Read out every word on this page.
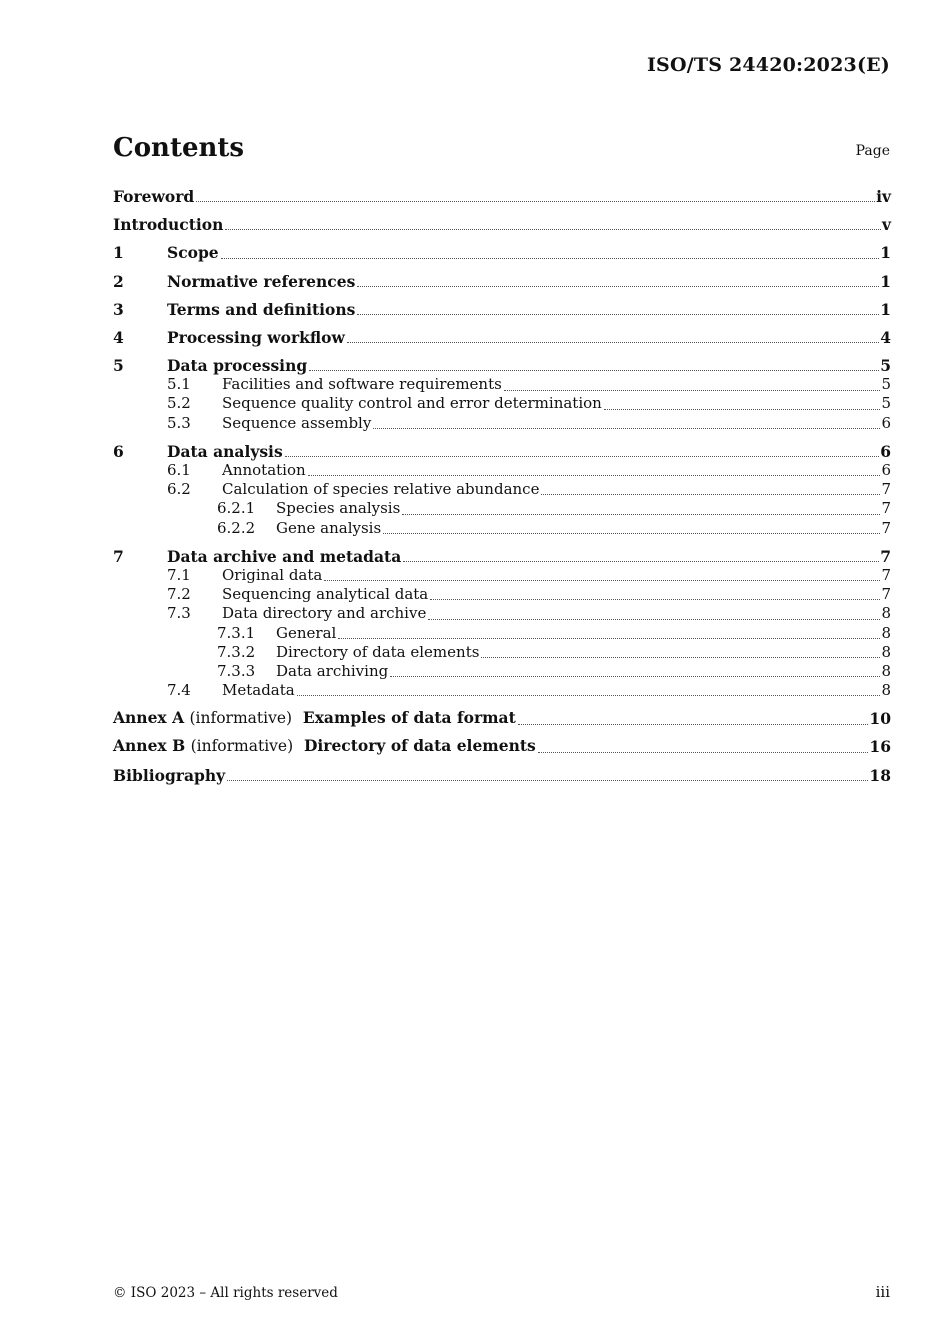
ISO/TS 24420:2023(E)
Contents	Page
Foreword	iv
Introduction	v
1	Scope	1
2	Normative references	1
3	Terms and definitions	1
4	Processing workflow	4
5	Data processing	5
5.1	Facilities and software requirements	5
5.2	Sequence quality control and error determination	5
5.3	Sequence assembly	6
6	Data analysis	6
6.1	Annotation	6
6.2	Calculation of species relative abundance	7
6.2.1	Species analysis	7
6.2.2	Gene analysis	7
7	Data archive and metadata	7
7.1	Original data	7
7.2	Sequencing analytical data	7
7.3	Data directory and archive	8
7.3.1	General	8
7.3.2	Directory of data elements	8
7.3.3	Data archiving	8
7.4	Metadata	8
Annex A (informative) Examples of data format	10
Annex B (informative) Directory of data elements	16
Bibliography	18
© ISO 2023 – All rights reserved	iii
